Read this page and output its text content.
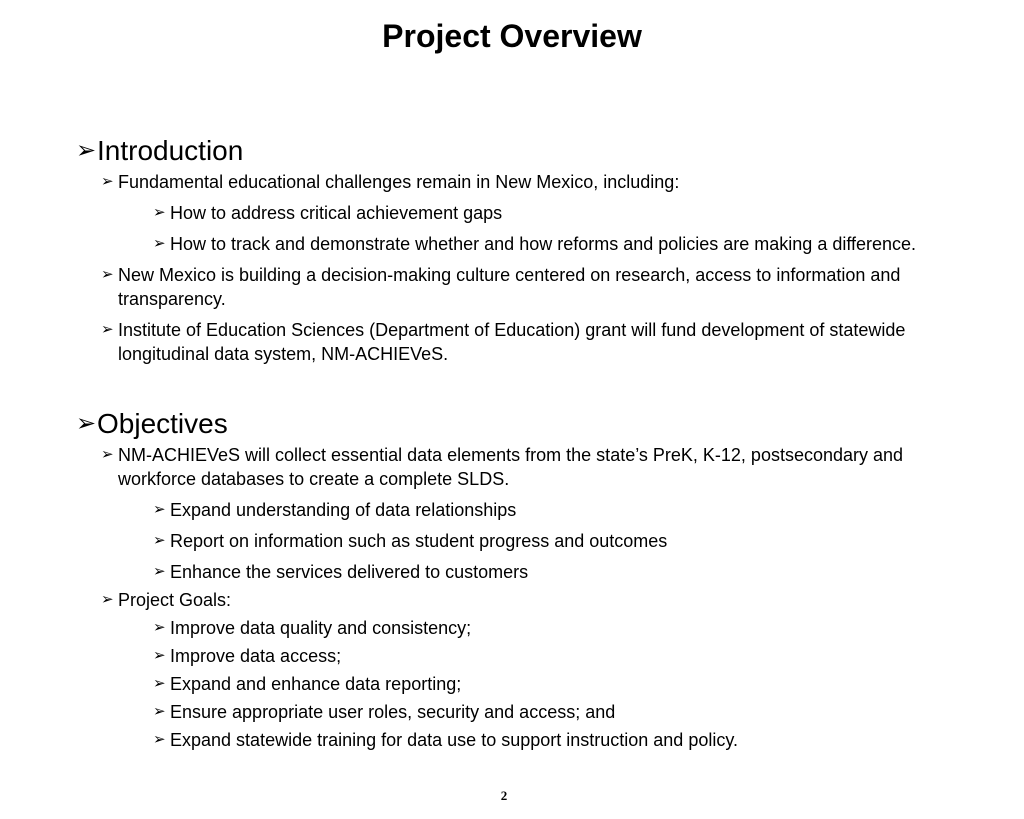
Project Overview
➢ Introduction
➢ Fundamental educational challenges remain in New Mexico, including:
➢ How to address critical achievement gaps
➢ How to track and demonstrate whether and how reforms and policies are making a difference.
➢ New Mexico is building a decision-making culture centered on research, access to information and transparency.
➢ Institute of Education Sciences (Department of Education) grant will fund development of statewide longitudinal data system, NM-ACHIEVeS.
➢ Objectives
➢ NM-ACHIEVeS will collect essential data elements from the state’s PreK, K-12, postsecondary and workforce databases to create a complete SLDS.
➢ Expand understanding of data relationships
➢ Report on information such as student progress and outcomes
➢ Enhance the services delivered to customers
➢ Project Goals:
➢ Improve data quality and consistency;
➢ Improve data access;
➢ Expand and enhance data reporting;
➢ Ensure appropriate user roles, security and access; and
➢ Expand statewide training for data use to support instruction and policy.
2
